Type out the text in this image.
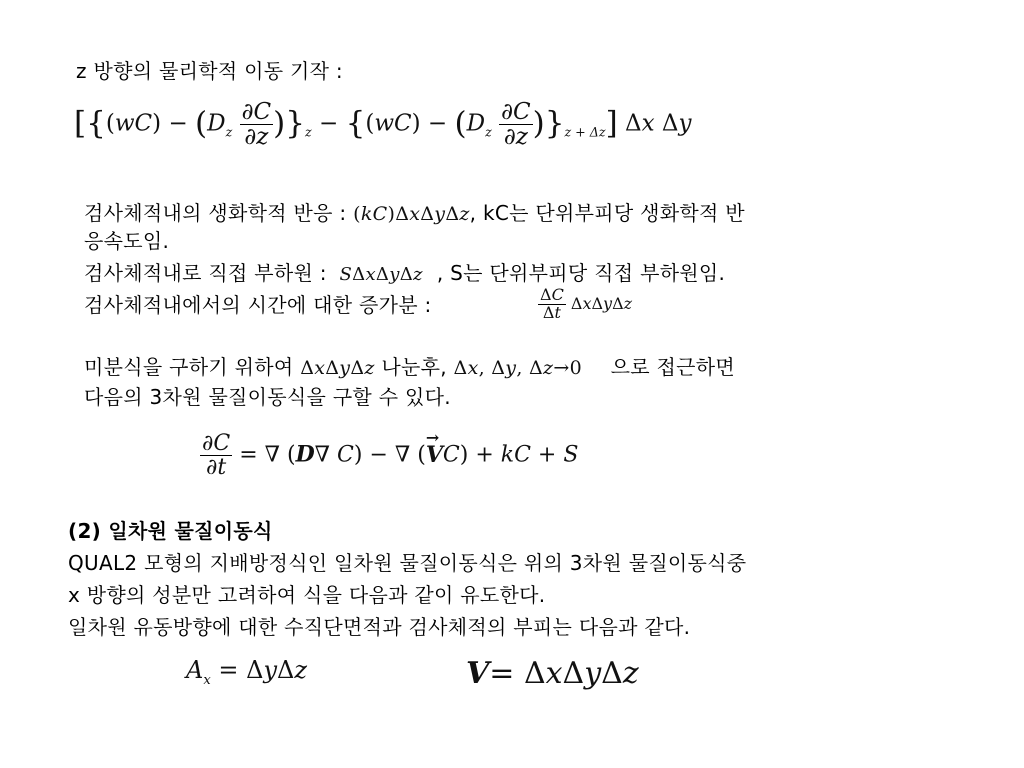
z 방향의 물리학적 이동 기작 :
$[\{(wC) - (D_z \frac{\partial C}{\partial z} )\}_z - \{(wC) - (D_z \frac{\partial C}{\partial z} )\}_{z + \Delta z}]$ Δx Δy
검사체적내의 생화학적 반응 : (kC)ΔxΔyΔz, kC는 단위부피당 생화학적 반
응속도임.
검사체적내로 직접 부하원 : SΔxΔyΔz , S는 단위부피당 직접 부하원임.
검사체적내에서의 시간에 대한 증가분 :	$\frac{\Delta C}{\Delta t}$ ΔxΔyΔz
미분식을 구하기 위하여 ΔxΔyΔz 나눈후, Δx, Δy, Δz→0 으로 접근하면
다음의 3차원 물질이동식을 구할 수 있다.
$\frac{\partial C}{\partial t}$ = ∇ (D∇ C) − ∇ (V
→
C) + kC + S
(2) 일차원 물질이동식
QUAL2 모형의 지배방정식인 일차원 물질이동식은 위의 3차원 물질이동식중
x 방향의 성분만 고려하여 식을 다음과 같이 유도한다.
일차원 유동방향에 대한 수직단면적과 검사체적의 부피는 다음과 같다.
$A_x = \Delta y\Delta z$	V= ΔxΔyΔz
